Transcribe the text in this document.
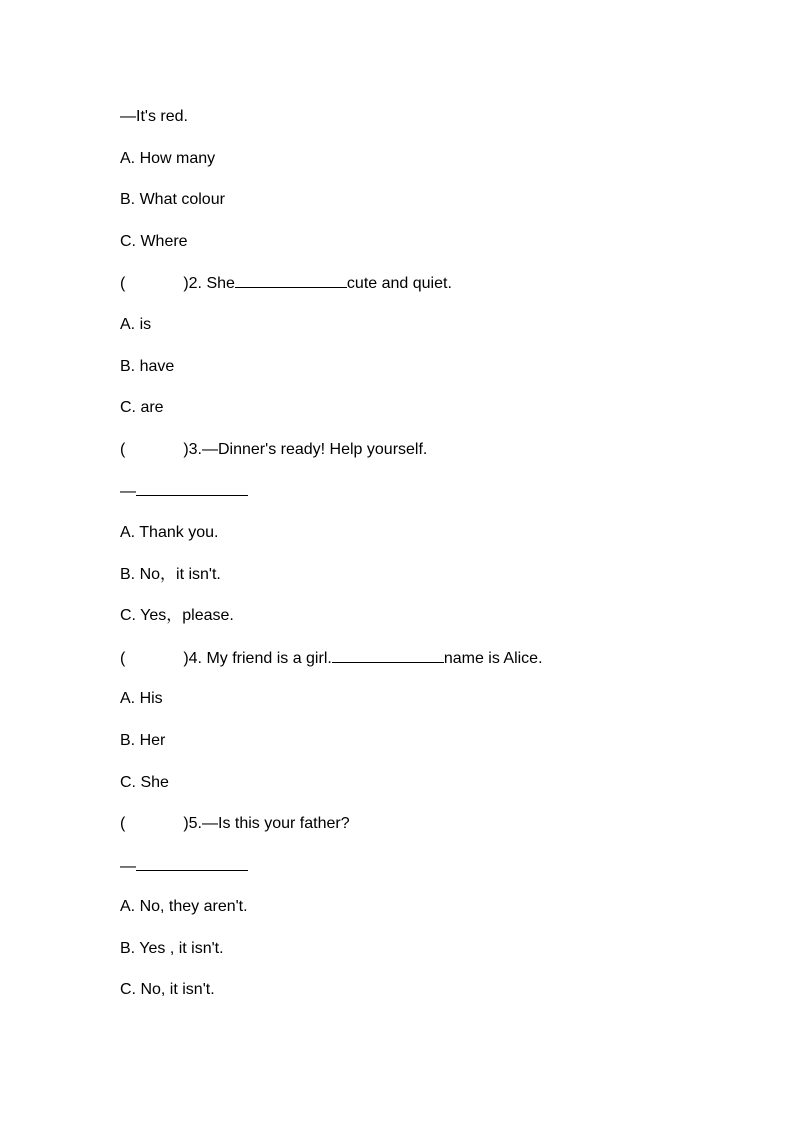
—It's red.
A. How many
B. What colour
C. Where
(	)2. She	cute and quiet.
A. is
B. have
C. are
(	)3.—Dinner's ready! Help yourself.
—
A. Thank you.
B. No，it isn't.
C. Yes，please.
(	)4. My friend is a girl.	name is Alice.
A. His
B. Her
C. She
(	)5.—Is this your father?
—
A. No, they aren't.
B. Yes , it isn't.
C. No, it isn't.
